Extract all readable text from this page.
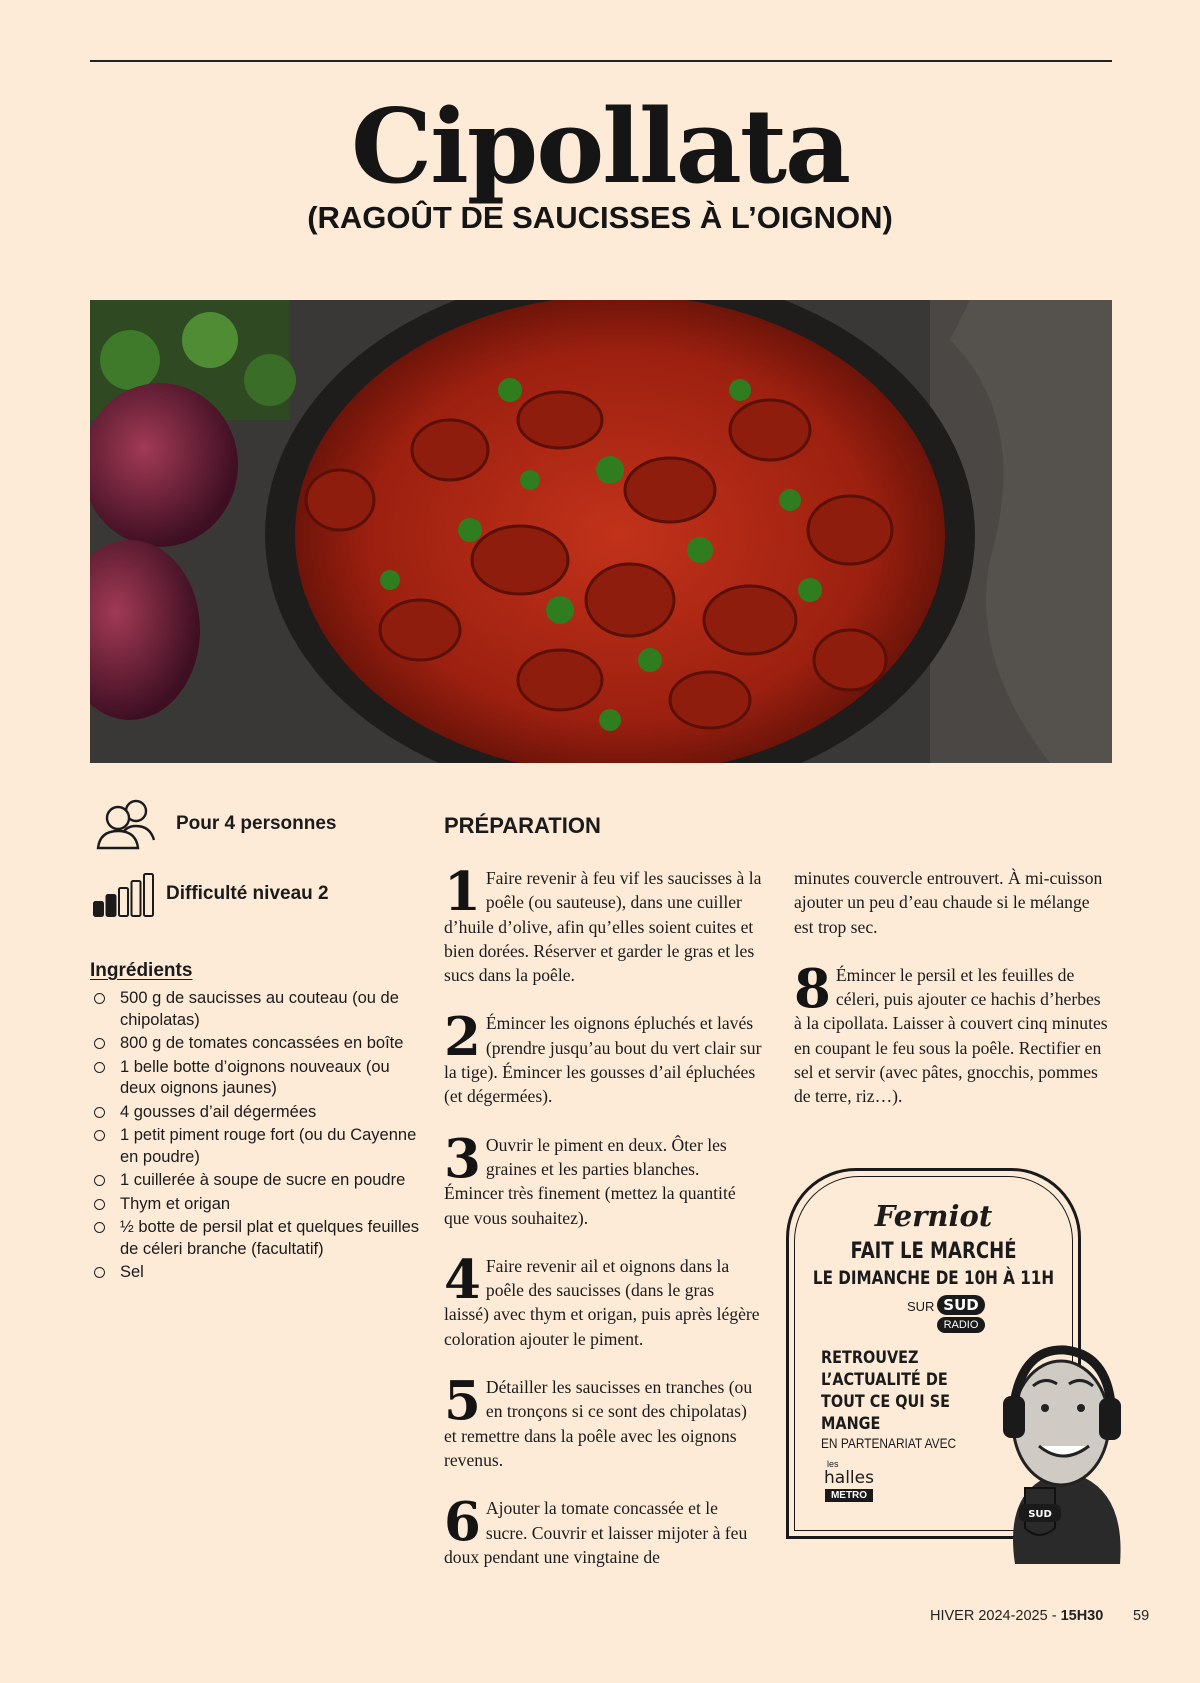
Cipollata
(RAGOÛT DE SAUCISSES À L’OIGNON)
Pour 4 personnes
Difficulté niveau 2
Ingrédients
500 g de saucisses au couteau (ou de chipolatas)
800 g de tomates concassées en boîte
1 belle botte d’oignons nouveaux (ou deux oignons jaunes)
4 gousses d’ail dégermées
1 petit piment rouge fort (ou du Cayenne en poudre)
1 cuillerée à soupe de sucre en poudre
Thym et origan
½ botte de persil plat et quelques feuilles de céleri branche (facultatif)
Sel
PRÉPARATION

1 Faire revenir à feu vif les saucisses à la poêle (ou sauteuse), dans une cuiller d’huile d’olive, afin qu’elles soient cuites et bien dorées. Réserver et garder le gras et les sucs dans la poêle.

2 Émincer les oignons épluchés et lavés (prendre jusqu’au bout du vert clair sur la tige). Émincer les gousses d’ail épluchées (et dégermées).

3 Ouvrir le piment en deux. Ôter les graines et les parties blanches. Émincer très finement (mettez la quantité que vous souhaitez).

4 Faire revenir ail et oignons dans la poêle des saucisses (dans le gras laissé) avec thym et origan, puis après légère coloration ajouter le piment.

5 Détailler les saucisses en tranches (ou en tronçons si ce sont des chipolatas) et remettre dans la poêle avec les oignons revenus.

6 Ajouter la tomate concassée et le sucre. Couvrir et laisser mijoter à feu doux pendant une vingtaine de

minutes couvercle entrouvert. À mi-cuisson ajouter un peu d’eau chaude si le mélange est trop sec.

8 Émincer le persil et les feuilles de céleri, puis ajouter ce hachis d’herbes à la cipollata. Laisser à couvert cinq minutes en coupant le feu sous la poêle. Rectifier en sel et servir (avec pâtes, gnocchis, pommes de terre, riz…).

Ferniot
FAIT LE MARCHÉ
LE DIMANCHE DE 10H À 11H
SUR SUD
RADIO
RETROUVEZ L’ACTUALITÉ DE TOUT CE QUI SE MANGE
EN PARTENARIAT AVEC
les
halles
METRO
SUD
HIVER 2024-2025 - 15H30 59
